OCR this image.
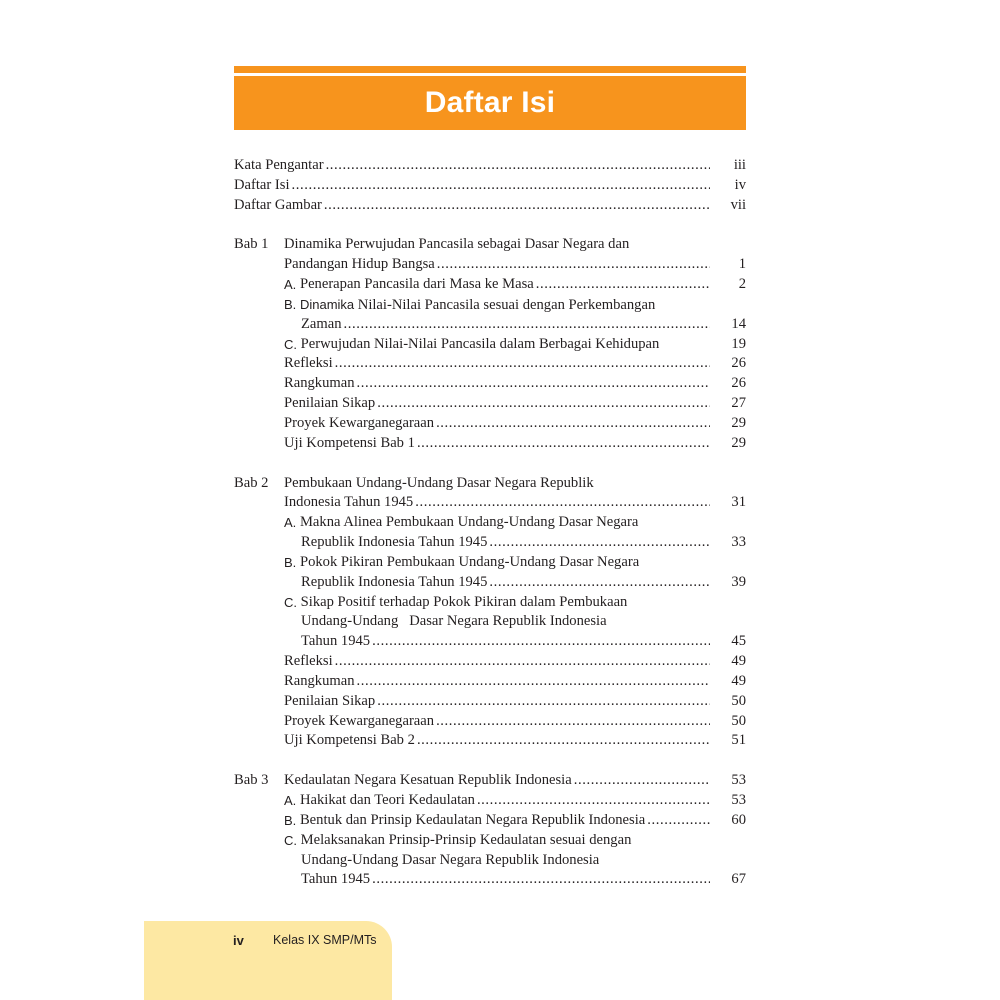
Daftar Isi
Kata Pengantar .....	iii
Daftar Isi .....	iv
Daftar Gambar .....	vii
Bab 1 Dinamika Perwujudan Pancasila sebagai Dasar Negara dan
Pandangan Hidup Bangsa .....	1
A. Penerapan Pancasila dari Masa ke Masa .....	2
B. Dinamika Nilai-Nilai Pancasila sesuai dengan Perkembangan
Zaman .....	14
C. Perwujudan Nilai-Nilai Pancasila dalam Berbagai Kehidupan	19
Refleksi .....	26
Rangkuman .....	26
Penilaian Sikap .....	27
Proyek Kewarganegaraan .....	29
Uji Kompetensi Bab 1 .....	29
Bab 2 Pembukaan Undang-Undang Dasar Negara Republik
Indonesia Tahun 1945 .....	31
A. Makna Alinea Pembukaan Undang-Undang Dasar Negara
Republik Indonesia Tahun 1945 .....	33
B. Pokok Pikiran Pembukaan Undang-Undang Dasar Negara
Republik Indonesia Tahun 1945 .....	39
C. Sikap Positif terhadap Pokok Pikiran dalam Pembukaan
Undang-Undang   Dasar Negara Republik Indonesia
Tahun 1945 .....	45
Refleksi .....	49
Rangkuman .....	49
Penilaian Sikap .....	50
Proyek Kewarganegaraan .....	50
Uji Kompetensi Bab 2 .....	51
Bab 3 Kedaulatan Negara Kesatuan Republik Indonesia .....	53
A. Hakikat dan Teori Kedaulatan .....	53
B. Bentuk dan Prinsip Kedaulatan Negara Republik Indonesia .....	60
C. Melaksanakan Prinsip-Prinsip Kedaulatan sesuai dengan
Undang-Undang Dasar Negara Republik Indonesia
Tahun 1945 .....	67
iv Kelas IX SMP/MTs
